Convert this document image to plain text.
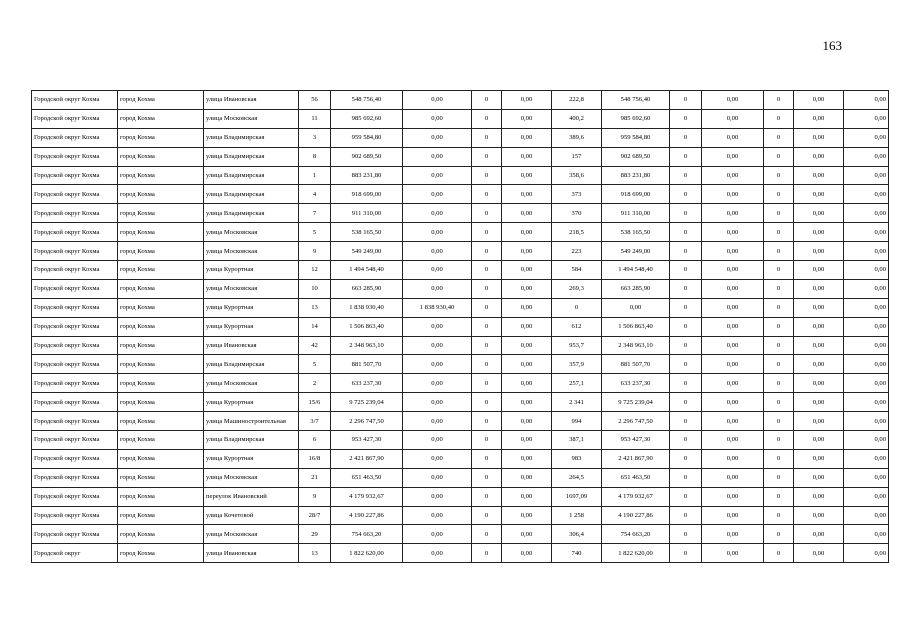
163
Городской округ Кохма	город Кохма	улица Ивановская	56	548 756,40	0,00	0	0,00	222,8	548 756,40	0	0,00	0	0,00	0,00
Городской округ Кохма	город Кохма	улица Московская	11	985 692,60	0,00	0	0,00	400,2	985 692,60	0	0,00	0	0,00	0,00
Городской округ Кохма	город Кохма	улица Владимирская	3	959 584,80	0,00	0	0,00	389,6	959 584,80	0	0,00	0	0,00	0,00
Городской округ Кохма	город Кохма	улица Владимирская	8	902 689,50	0,00	0	0,00	157	902 689,50	0	0,00	0	0,00	0,00
Городской округ Кохма	город Кохма	улица Владимирская	1	883 231,80	0,00	0	0,00	358,6	883 231,80	0	0,00	0	0,00	0,00
Городской округ Кохма	город Кохма	улица Владимирская	4	918 699,00	0,00	0	0,00	373	918 699,00	0	0,00	0	0,00	0,00
Городской округ Кохма	город Кохма	улица Владимирская	7	911 310,00	0,00	0	0,00	370	911 310,00	0	0,00	0	0,00	0,00
Городской округ Кохма	город Кохма	улица Московская	5	538 165,50	0,00	0	0,00	218,5	538 165,50	0	0,00	0	0,00	0,00
Городской округ Кохма	город Кохма	улица Московская	9	549 249,00	0,00	0	0,00	223	549 249,00	0	0,00	0	0,00	0,00
Городской округ Кохма	город Кохма	улица Курортная	12	1 494 548,40	0,00	0	0,00	584	1 494 548,40	0	0,00	0	0,00	0,00
Городской округ Кохма	город Кохма	улица Московская	10	663 285,90	0,00	0	0,00	269,3	663 285,90	0	0,00	0	0,00	0,00
Городской округ Кохма	город Кохма	улица Курортная	13	1 838 930,40	1 838 930,40	0	0,00	0	0,00	0	0,00	0	0,00	0,00
Городской округ Кохма	город Кохма	улица Курортная	14	1 506 863,40	0,00	0	0,00	612	1 506 863,40	0	0,00	0	0,00	0,00
Городской округ Кохма	город Кохма	улица Ивановская	42	2 348 963,10	0,00	0	0,00	953,7	2 348 963,10	0	0,00	0	0,00	0,00
Городской округ Кохма	город Кохма	улица Владимирская	5	881 507,70	0,00	0	0,00	357,9	881 507,70	0	0,00	0	0,00	0,00
Городской округ Кохма	город Кохма	улица Московская	2	633 237,30	0,00	0	0,00	257,1	633 237,30	0	0,00	0	0,00	0,00
Городской округ Кохма	город Кохма	улица Курортная	15/6	9 725 239,04	0,00	0	0,00	2 341	9 725 239,04	0	0,00	0	0,00	0,00
Городской округ Кохма	город Кохма	улица Машиностроительная	3/7	2 296 747,50	0,00	0	0,00	994	2 296 747,50	0	0,00	0	0,00	0,00
Городской округ Кохма	город Кохма	улица Владимирская	6	953 427,30	0,00	0	0,00	387,1	953 427,30	0	0,00	0	0,00	0,00
Городской округ Кохма	город Кохма	улица Курортная	16/8	2 421 867,90	0,00	0	0,00	983	2 421 867,90	0	0,00	0	0,00	0,00
Городской округ Кохма	город Кохма	улица Московская	21	651 463,50	0,00	0	0,00	264,5	651 463,50	0	0,00	0	0,00	0,00
Городской округ Кохма	город Кохма	переулок Ивановский	9	4 179 932,67	0,00	0	0,00	1697,09	4 179 932,67	0	0,00	0	0,00	0,00
Городской округ Кохма	город Кохма	улица Кочетовой	28/7	4 190 227,86	0,00	0	0,00	1 258	4 190 227,86	0	0,00	0	0,00	0,00
Городской округ Кохма	город Кохма	улица Московская	29	754 663,20	0,00	0	0,00	306,4	754 663,20	0	0,00	0	0,00	0,00
Городской округ	город Кохма	улица Ивановская	13	1 822 620,00	0,00	0	0,00	740	1 822 620,00	0	0,00	0	0,00	0,00
